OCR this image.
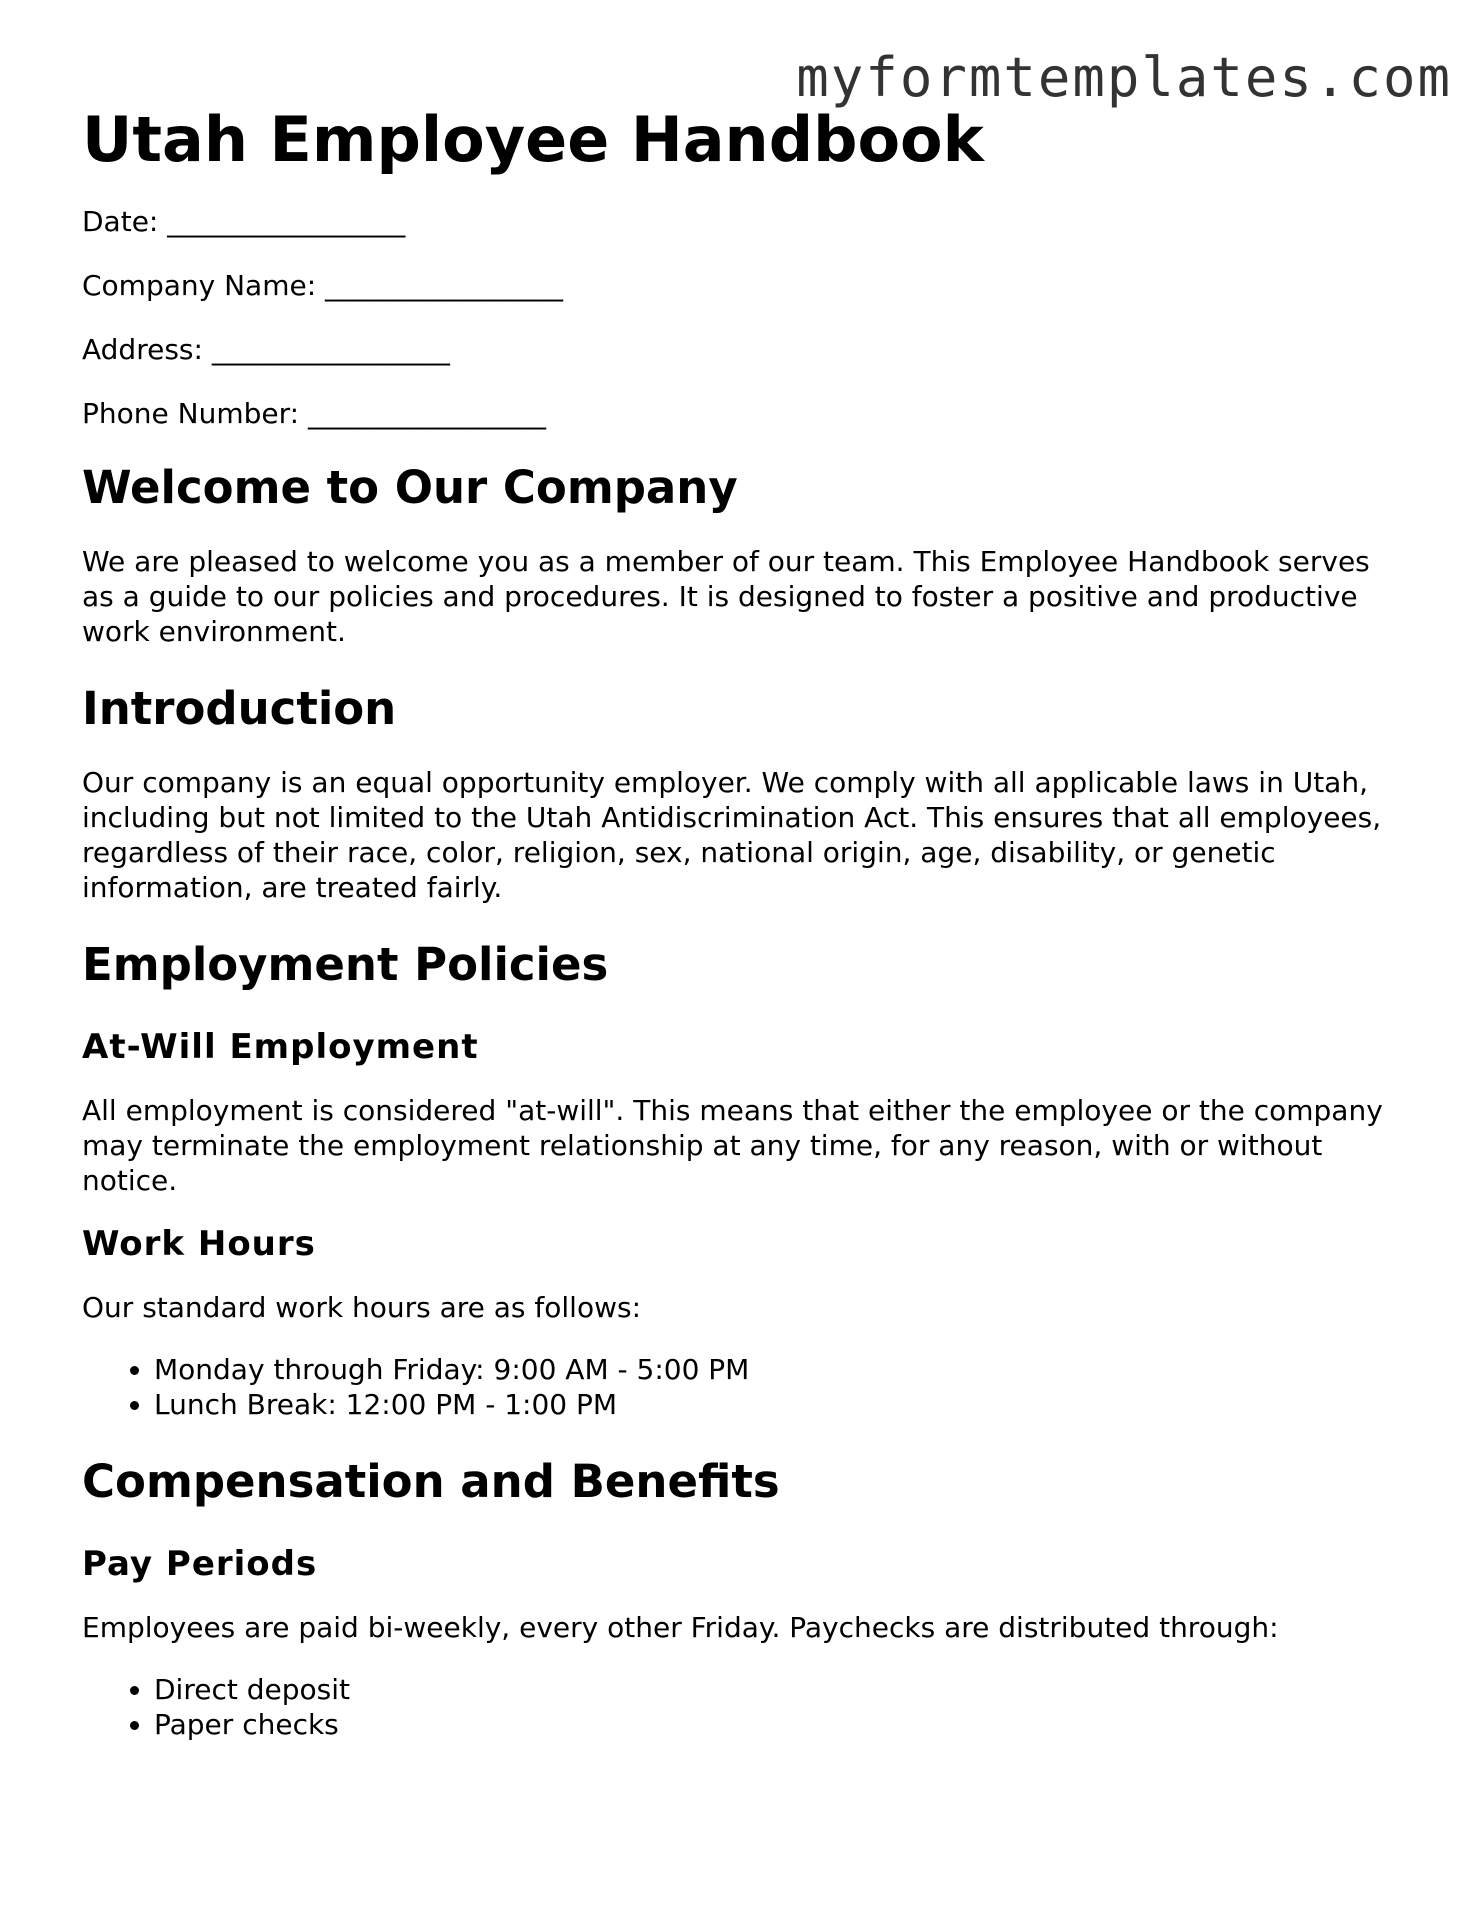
myformtemplates.com
Utah Employee Handbook
Date: _________________
Company Name: _________________
Address: _________________
Phone Number: _________________
Welcome to Our Company

We are pleased to welcome you as a member of our team. This Employee Handbook serves as a guide to our policies and procedures. It is designed to foster a positive and productive work environment.

Introduction

Our company is an equal opportunity employer. We comply with all applicable laws in Utah, including but not limited to the Utah Antidiscrimination Act. This ensures that all employees, regardless of their race, color, religion, sex, national origin, age, disability, or genetic information, are treated fairly.

Employment Policies
At-Will Employment

All employment is considered "at-will". This means that either the employee or the company may terminate the employment relationship at any time, for any reason, with or without notice.

Work Hours

Our standard work hours are as follows:

• Monday through Friday: 9:00 AM - 5:00 PM
• Lunch Break: 12:00 PM - 1:00 PM
Compensation and Benefits
Pay Periods

Employees are paid bi-weekly, every other Friday. Paychecks are distributed through:

• Direct deposit
• Paper checks
